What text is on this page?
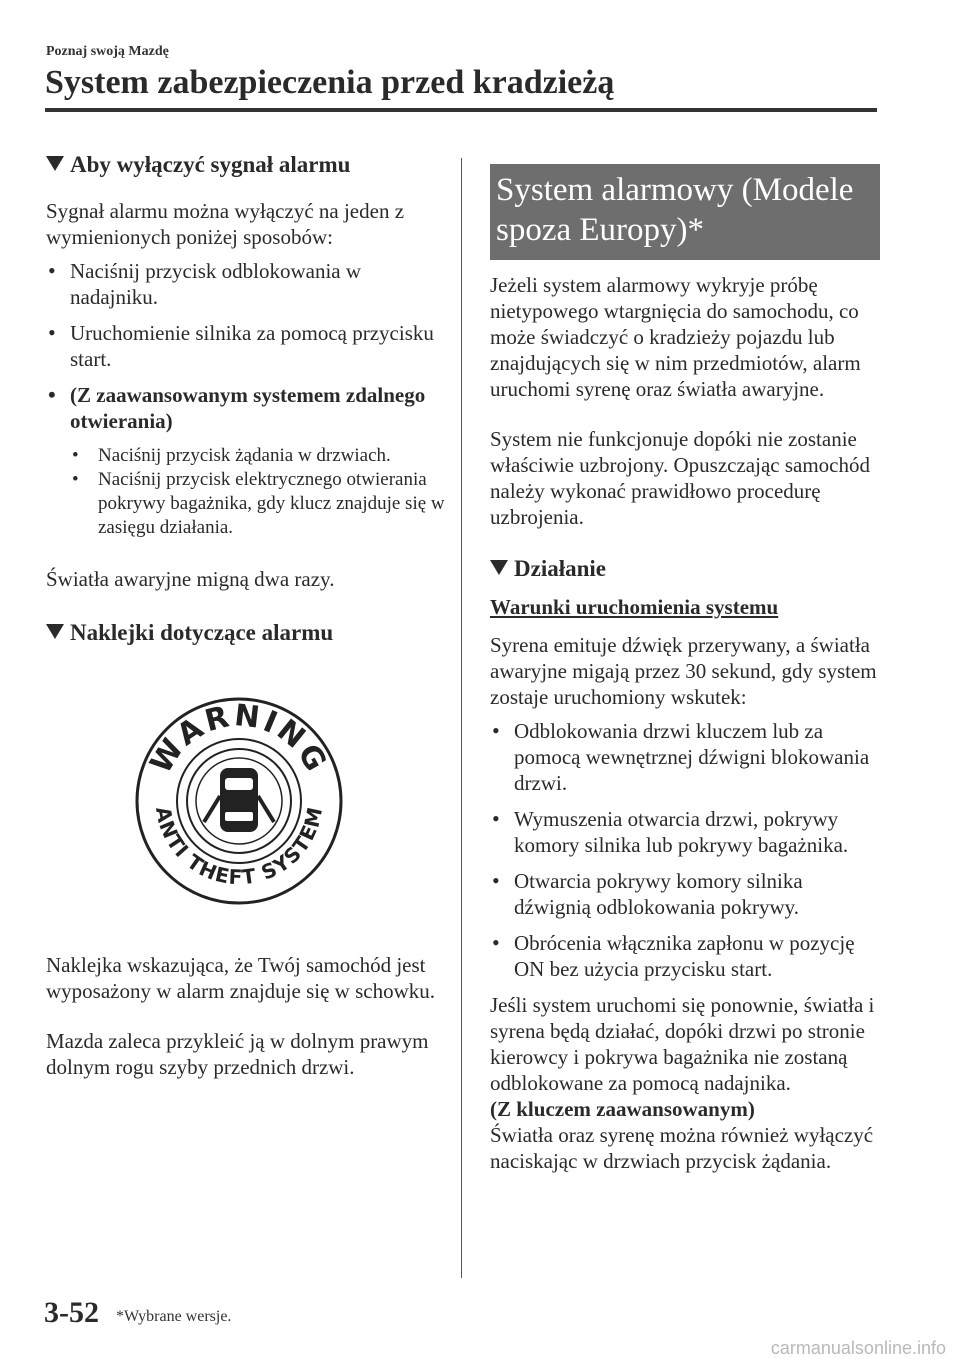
Poznaj swoją Mazdę
System zabezpieczenia przed kradzieżą
Aby wyłączyć sygnał alarmu

Sygnał alarmu można wyłączyć na jeden z wymienionych poniżej sposobów:

• Naciśnij przycisk odblokowania w nadajniku.
• Uruchomienie silnika za pomocą przycisku start.
• (Z zaawansowanym systemem zdalnego otwierania)
• Naciśnij przycisk żądania w drzwiach.
• Naciśnij przycisk elektrycznego otwierania pokrywy bagażnika, gdy klucz znajduje się w zasięgu działania.

Światła awaryjne migną dwa razy.

Naklejki dotyczące alarmu
WARNING
ANTI THEFT SYSTEM

Naklejka wskazująca, że Twój samochód jest wyposażony w alarm znajduje się w schowku.

Mazda zaleca przykleić ją w dolnym prawym dolnym rogu szyby przednich drzwi.

System alarmowy (Modele spoza Europy)*

Jeżeli system alarmowy wykryje próbę nietypowego wtargnięcia do samochodu, co może świadczyć o kradzieży pojazdu lub znajdujących się w nim przedmiotów, alarm uruchomi syrenę oraz światła awaryjne.

System nie funkcjonuje dopóki nie zostanie właściwie uzbrojony. Opuszczając samochód należy wykonać prawidłowo procedurę uzbrojenia.

Działanie

Warunki uruchomienia systemu

Syrena emituje dźwięk przerywany, a światła awaryjne migają przez 30 sekund, gdy system zostaje uruchomiony wskutek:

• Odblokowania drzwi kluczem lub za pomocą wewnętrznej dźwigni blokowania drzwi.
• Wymuszenia otwarcia drzwi, pokrywy komory silnika lub pokrywy bagażnika.
• Otwarcia pokrywy komory silnika dźwignią odblokowania pokrywy.
• Obrócenia włącznika zapłonu w pozycję ON bez użycia przycisku start.

Jeśli system uruchomi się ponownie, światła i syrena będą działać, dopóki drzwi po stronie kierowcy i pokrywa bagażnika nie zostaną odblokowane za pomocą nadajnika.

(Z kluczem zaawansowanym)

Światła oraz syrenę można również wyłączyć naciskając w drzwiach przycisk żądania.

3-52 *Wybrane wersje.
carmanualsonline.info
